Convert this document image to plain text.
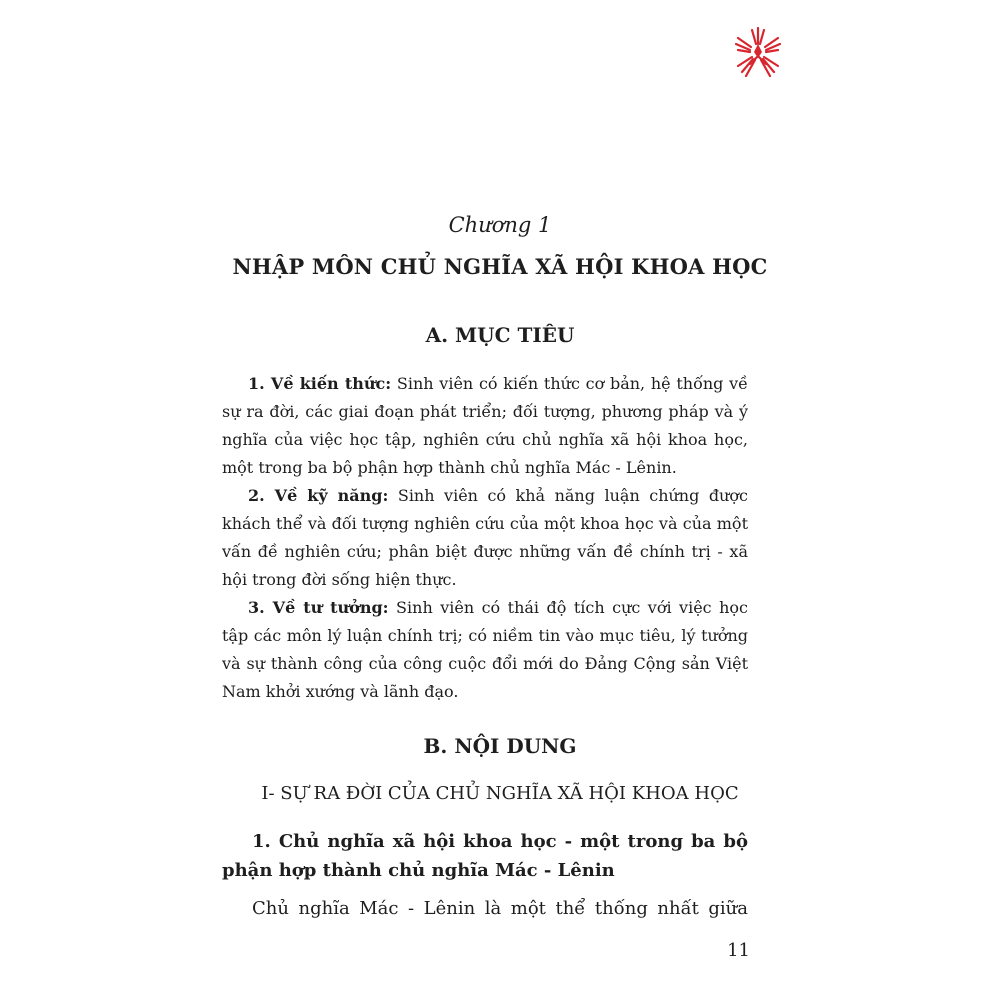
Chương 1
NHẬP MÔN CHỦ NGHĨA XÃ HỘI KHOA HỌC
A. MỤC TIÊU

1. Về kiến thức: Sinh viên có kiến thức cơ bản, hệ thống về sự ra đời, các giai đoạn phát triển; đối tượng, phương pháp và ý nghĩa của việc học tập, nghiên cứu chủ nghĩa xã hội khoa học, một trong ba bộ phận hợp thành chủ nghĩa Mác - Lênin.

2. Về kỹ năng: Sinh viên có khả năng luận chứng được khách thể và đối tượng nghiên cứu của một khoa học và của một vấn đề nghiên cứu; phân biệt được những vấn đề chính trị - xã hội trong đời sống hiện thực.

3. Về tư tưởng: Sinh viên có thái độ tích cực với việc học tập các môn lý luận chính trị; có niềm tin vào mục tiêu, lý tưởng và sự thành công của công cuộc đổi mới do Đảng Cộng sản Việt Nam khởi xướng và lãnh đạo.

B. NỘI DUNG
I- SỰ RA ĐỜI CỦA CHỦ NGHĨA XÃ HỘI KHOA HỌC
1. Chủ nghĩa xã hội khoa học - một trong ba bộ phận hợp thành chủ nghĩa Mác - Lênin
Chủ nghĩa Mác - Lênin là một thể thống nhất giữa
11
